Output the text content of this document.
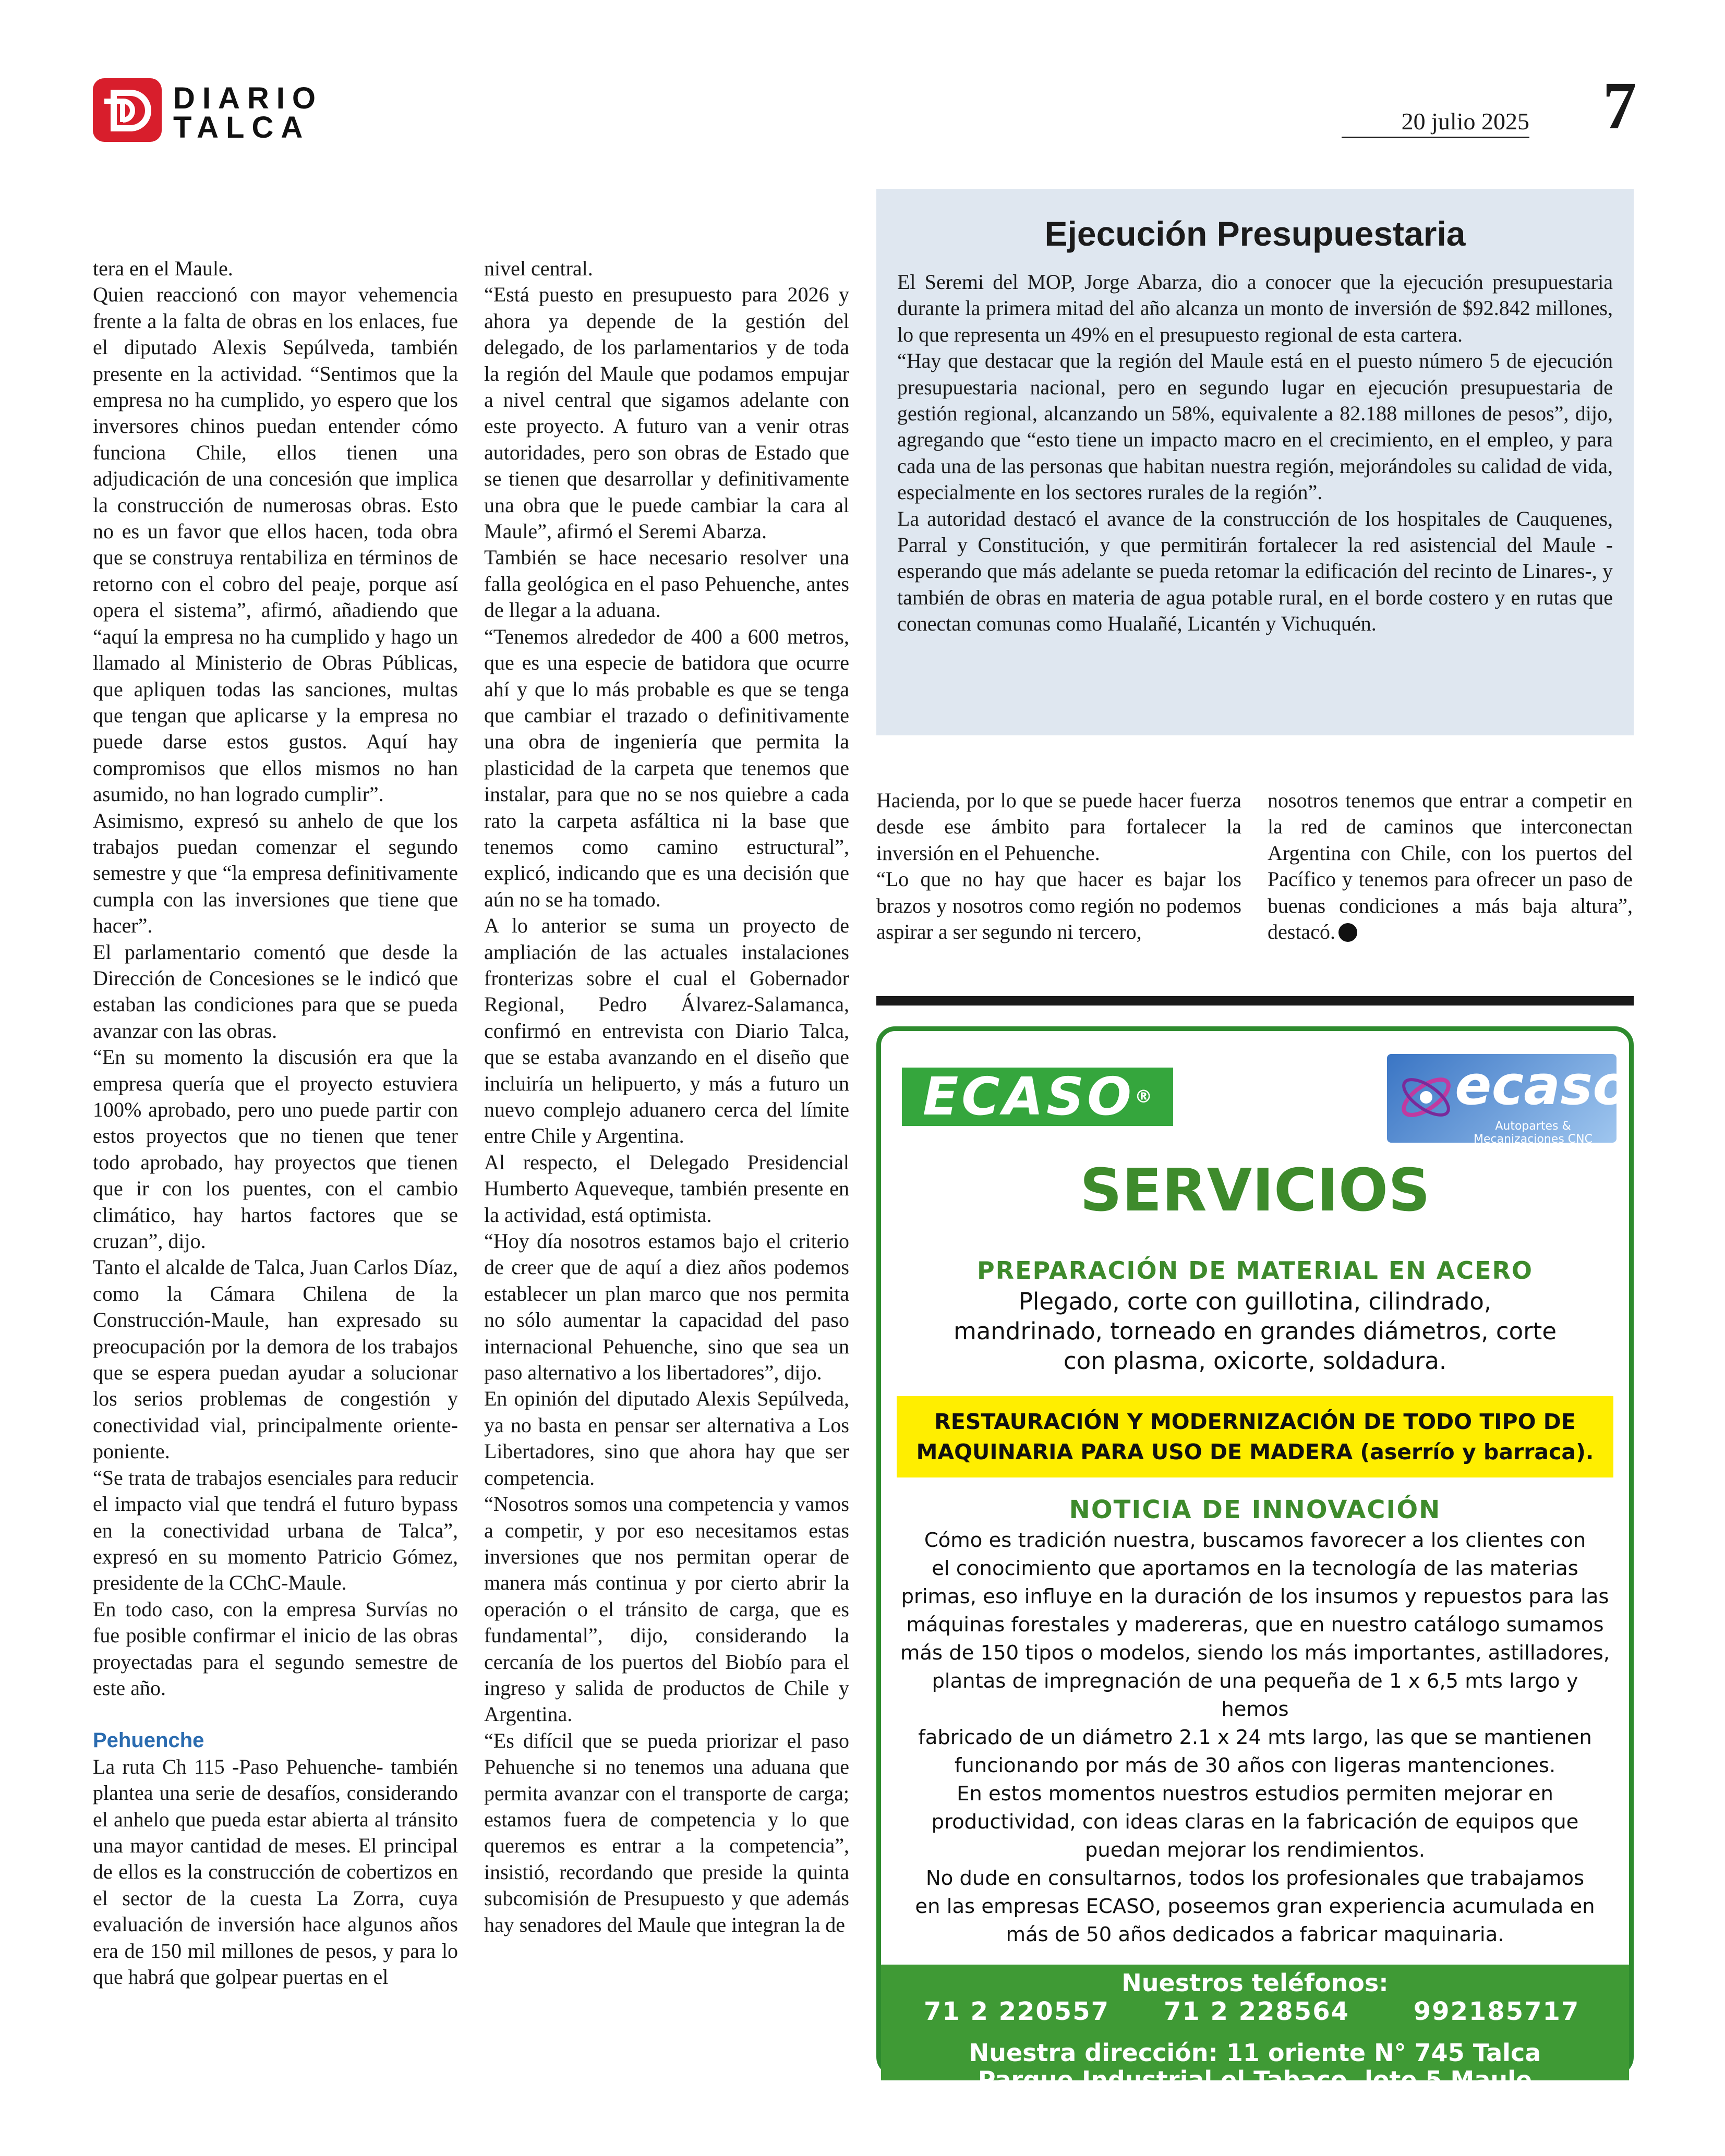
DIARIO
TALCA	20 julio 2025 7

tera en el Maule.

Quien reaccionó con mayor vehemencia frente a la falta de obras en los enlaces, fue el diputado Alexis Sepúlveda, también presente en la actividad. “Sentimos que la empresa no ha cumplido, yo espero que los inversores chinos puedan entender cómo funciona Chile, ellos tienen una adjudicación de una concesión que implica la construcción de numerosas obras. Esto no es un favor que ellos hacen, toda obra que se construya rentabiliza en términos de retorno con el cobro del peaje, porque así opera el sistema”, afirmó, añadiendo que “aquí la empresa no ha cumplido y hago un llamado al Ministerio de Obras Públicas, que apliquen todas las sanciones, multas que tengan que aplicarse y la empresa no puede darse estos gustos. Aquí hay compromisos que ellos mismos no han asumido, no han logrado cumplir”.

Asimismo, expresó su anhelo de que los trabajos puedan comenzar el segundo semestre y que “la empresa definitivamente cumpla con las inversiones que tiene que hacer”.

El parlamentario comentó que desde la Dirección de Concesiones se le indicó que estaban las condiciones para que se pueda avanzar con las obras.

“En su momento la discusión era que la empresa quería que el proyecto estuviera 100% aprobado, pero uno puede partir con estos proyectos que no tienen que tener todo aprobado, hay proyectos que tienen que ir con los puentes, con el cambio climático, hay hartos factores que se cruzan”, dijo.

Tanto el alcalde de Talca, Juan Carlos Díaz, como la Cámara Chilena de la Construcción-Maule, han expresado su preocupación por la demora de los trabajos que se espera puedan ayudar a solucionar los serios problemas de congestión y conectividad vial, principalmente oriente-poniente.

“Se trata de trabajos esenciales para reducir el impacto vial que tendrá el futuro bypass en la conectividad urbana de Talca”, expresó en su momento Patricio Gómez, presidente de la CChC-Maule.

En todo caso, con la empresa Survías no fue posible confirmar el inicio de las obras proyectadas para el segundo semestre de este año.

Pehuenche

La ruta Ch 115 -Paso Pehuenche- también plantea una serie de desafíos, considerando el anhelo que pueda estar abierta al tránsito una mayor cantidad de meses. El principal de ellos es la construcción de cobertizos en el sector de la cuesta La Zorra, cuya evaluación de inversión hace algunos años era de 150 mil millones de pesos, y para lo que habrá que golpear puertas en el

nivel central.

“Está puesto en presupuesto para 2026 y ahora ya depende de la gestión del delegado, de los parlamentarios y de toda la región del Maule que podamos empujar a nivel central que sigamos adelante con este proyecto. A futuro van a venir otras autoridades, pero son obras de Estado que se tienen que desarrollar y definitivamente una obra que le puede cambiar la cara al Maule”, afirmó el Seremi Abarza.

También se hace necesario resolver una falla geológica en el paso Pehuenche, antes de llegar a la aduana.

“Tenemos alrededor de 400 a 600 metros, que es una especie de batidora que ocurre ahí y que lo más probable es que se tenga que cambiar el trazado o definitivamente una obra de ingeniería que permita la plasticidad de la carpeta que tenemos que instalar, para que no se nos quiebre a cada rato la carpeta asfáltica ni la base que tenemos como camino estructural”, explicó, indicando que es una decisión que aún no se ha tomado.

A lo anterior se suma un proyecto de ampliación de las actuales instalaciones fronterizas sobre el cual el Gobernador Regional, Pedro Álvarez-Salamanca, confirmó en entrevista con Diario Talca, que se estaba avanzando en el diseño que incluiría un helipuerto, y más a futuro un nuevo complejo aduanero cerca del límite entre Chile y Argentina.

Al respecto, el Delegado Presidencial Humberto Aqueveque, también presente en la actividad, está optimista.

“Hoy día nosotros estamos bajo el criterio de creer que de aquí a diez años podemos establecer un plan marco que nos permita no sólo aumentar la capacidad del paso internacional Pehuenche, sino que sea un paso alternativo a los libertadores”, dijo.

En opinión del diputado Alexis Sepúlveda, ya no basta en pensar ser alternativa a Los Libertadores, sino que ahora hay que ser competencia.

“Nosotros somos una competencia y vamos a competir, y por eso necesitamos estas inversiones que nos permitan operar de manera más continua y por cierto abrir la operación o el tránsito de carga, que es fundamental”, dijo, considerando la cercanía de los puertos del Biobío para el ingreso y salida de productos de Chile y Argentina.

“Es difícil que se pueda priorizar el paso Pehuenche si no tenemos una aduana que permita avanzar con el transporte de carga; estamos fuera de competencia y lo que queremos es entrar a la competencia”, insistió, recordando que preside la quinta subcomisión de Presupuesto y que además hay senadores del Maule que integran la de

Ejecución Presupuestaria

El Seremi del MOP, Jorge Abarza, dio a conocer que la ejecución presupuestaria durante la primera mitad del año alcanza un monto de inversión de $92.842 millones, lo que representa un 49% en el presupuesto regional de esta cartera.

“Hay que destacar que la región del Maule está en el puesto número 5 de ejecución presupuestaria nacional, pero en segundo lugar en ejecución presupuestaria de gestión regional, alcanzando un 58%, equivalente a 82.188 millones de pesos”, dijo, agregando que “esto tiene un impacto macro en el crecimiento, en el empleo, y para cada una de las personas que habitan nuestra región, mejorándoles su calidad de vida, especialmente en los sectores rurales de la región”.

La autoridad destacó el avance de la construcción de los hospitales de Cauquenes, Parral y Constitución, y que permitirán fortalecer la red asistencial del Maule -esperando que más adelante se pueda retomar la edificación del recinto de Linares-, y también de obras en materia de agua potable rural, en el borde costero y en rutas que conectan comunas como Hualañé, Licantén y Vichuquén.

Hacienda, por lo que se puede hacer fuerza desde ese ámbito para fortalecer la inversión en el Pehuenche.

“Lo que no hay que hacer es bajar los brazos y nosotros como región no podemos aspirar a ser segundo ni tercero,

nosotros tenemos que entrar a competir en la red de caminos que interconectan Argentina con Chile, con los puertos del Pacífico y tenemos para ofrecer un paso de buenas condiciones a más baja altura”, destacó.

ECASO®	ecaso
Autopartes & Mecanizaciones CNC
SERVICIOS
PREPARACIÓN DE MATERIAL EN ACERO
Plegado, corte con guillotina, cilindrado,
mandrinado, torneado en grandes diámetros, corte
con plasma, oxicorte, soldadura.
RESTAURACIÓN Y MODERNIZACIÓN DE TODO TIPO DE
MAQUINARIA PARA USO DE MADERA (aserrío y barraca).
NOTICIA DE INNOVACIÓN
Cómo es tradición nuestra, buscamos favorecer a los clientes con
el conocimiento que aportamos en la tecnología de las materias
primas, eso influye en la duración de los insumos y repuestos para las
máquinas forestales y madereras, que en nuestro catálogo sumamos
más de 150 tipos o modelos, siendo los más importantes, astilladores,
plantas de impregnación de una pequeña de 1 x 6,5 mts largo y hemos
fabricado de un diámetro 2.1 x 24 mts largo, las que se mantienen
funcionando por más de 30 años con ligeras mantenciones.
En estos momentos nuestros estudios permiten mejorar en
productividad, con ideas claras en la fabricación de equipos que
puedan mejorar los rendimientos.
No dude en consultarnos, todos los profesionales que trabajamos
en las empresas ECASO, poseemos gran experiencia acumulada en
más de 50 años dedicados a fabricar maquinaria.
Nuestros teléfonos:
71 2 220557	71 2 228564	992185717
Nuestra dirección: 11 oriente N° 745 Talca
Parque Industrial el Tabaco, lote 5 Maule
